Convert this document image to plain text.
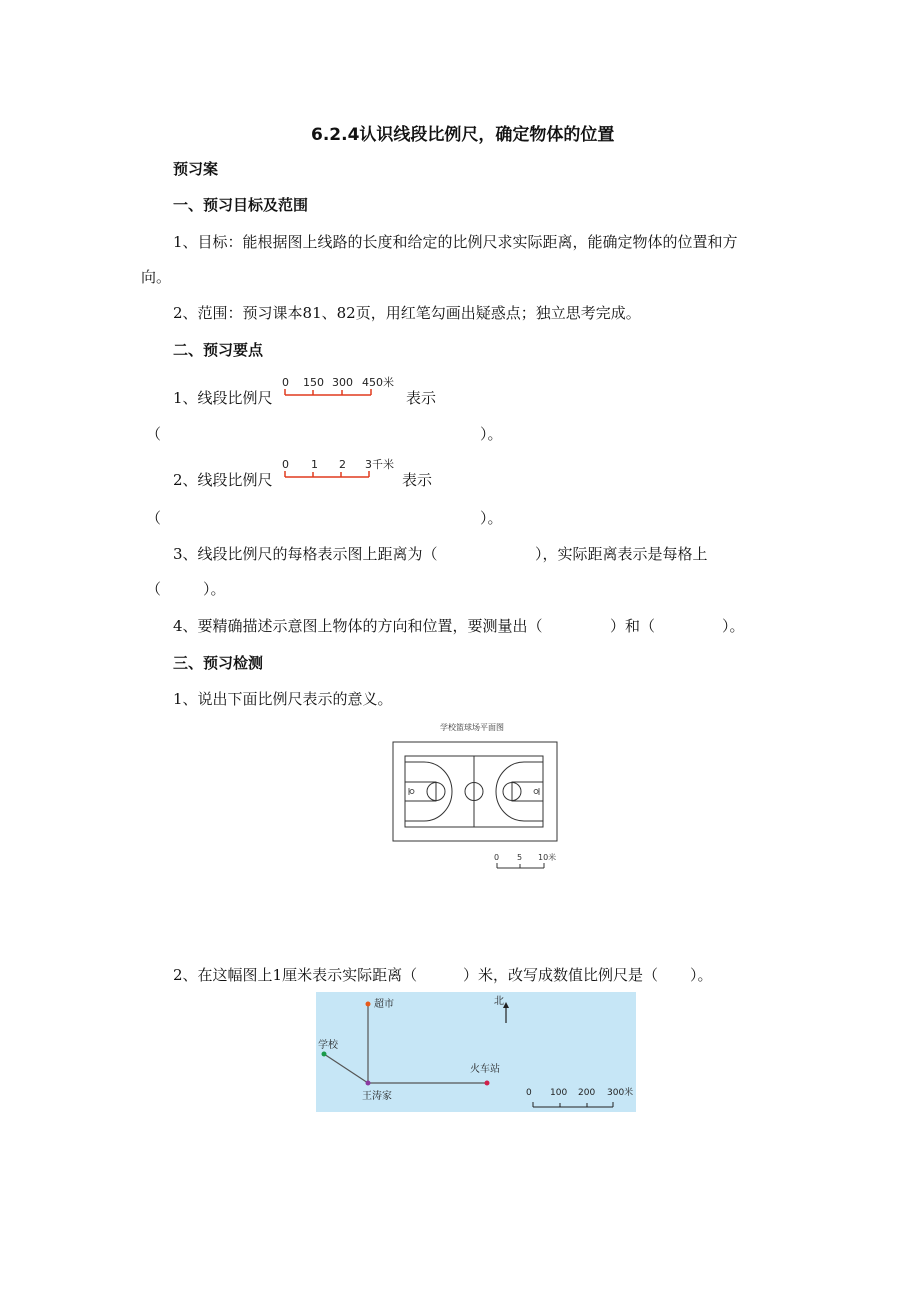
6.2.4认识线段比例尺，确定物体的位置
预习案
一、预习目标及范围
1、目标：能根据图上线路的长度和给定的比例尺求实际距离，能确定物体的位置和方
向。
2、范围：预习课本81、82页，用红笔勾画出疑惑点；独立思考完成。
二、预习要点
1、线段比例尺
0 150 300 450米
表示
（	）。
2、线段比例尺
0 1 2 3千米
表示
（	）。
3、线段比例尺的每格表示图上距离为（	），实际距离表示是每格上
（	）。
4、要精确描述示意图上物体的方向和位置，要测量出（	）和（	）。
三、预习检测
1、说出下面比例尺表示的意义。
学校篮球场平面图
0 5 10米
2、在这幅图上1厘米表示实际距离（	）米，改写成数值比例尺是（ ）。
超市
学校
王涛家
火车站
北
0 100 200 300米
